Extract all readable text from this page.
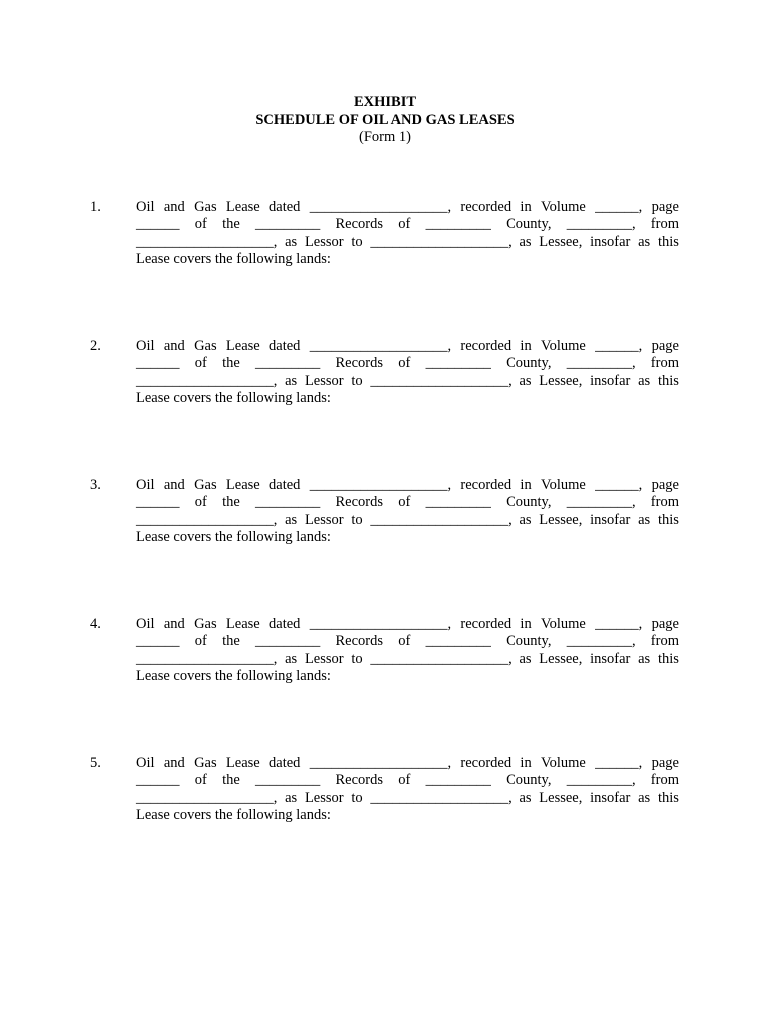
EXHIBIT
SCHEDULE OF OIL AND GAS LEASES
(Form 1)
1. Oil and Gas Lease dated ___________________, recorded in Volume ______, page
______ of the _________ Records of _________ County, _________, from
___________________, as Lessor to ___________________, as Lessee, insofar as this
Lease covers the following lands:
2. Oil and Gas Lease dated ___________________, recorded in Volume ______, page
______ of the _________ Records of _________ County, _________, from
___________________, as Lessor to ___________________, as Lessee, insofar as this
Lease covers the following lands:
3. Oil and Gas Lease dated ___________________, recorded in Volume ______, page
______ of the _________ Records of _________ County, _________, from
___________________, as Lessor to ___________________, as Lessee, insofar as this
Lease covers the following lands:
4. Oil and Gas Lease dated ___________________, recorded in Volume ______, page
______ of the _________ Records of _________ County, _________, from
___________________, as Lessor to ___________________, as Lessee, insofar as this
Lease covers the following lands:
5. Oil and Gas Lease dated ___________________, recorded in Volume ______, page
______ of the _________ Records of _________ County, _________, from
___________________, as Lessor to ___________________, as Lessee, insofar as this
Lease covers the following lands:
